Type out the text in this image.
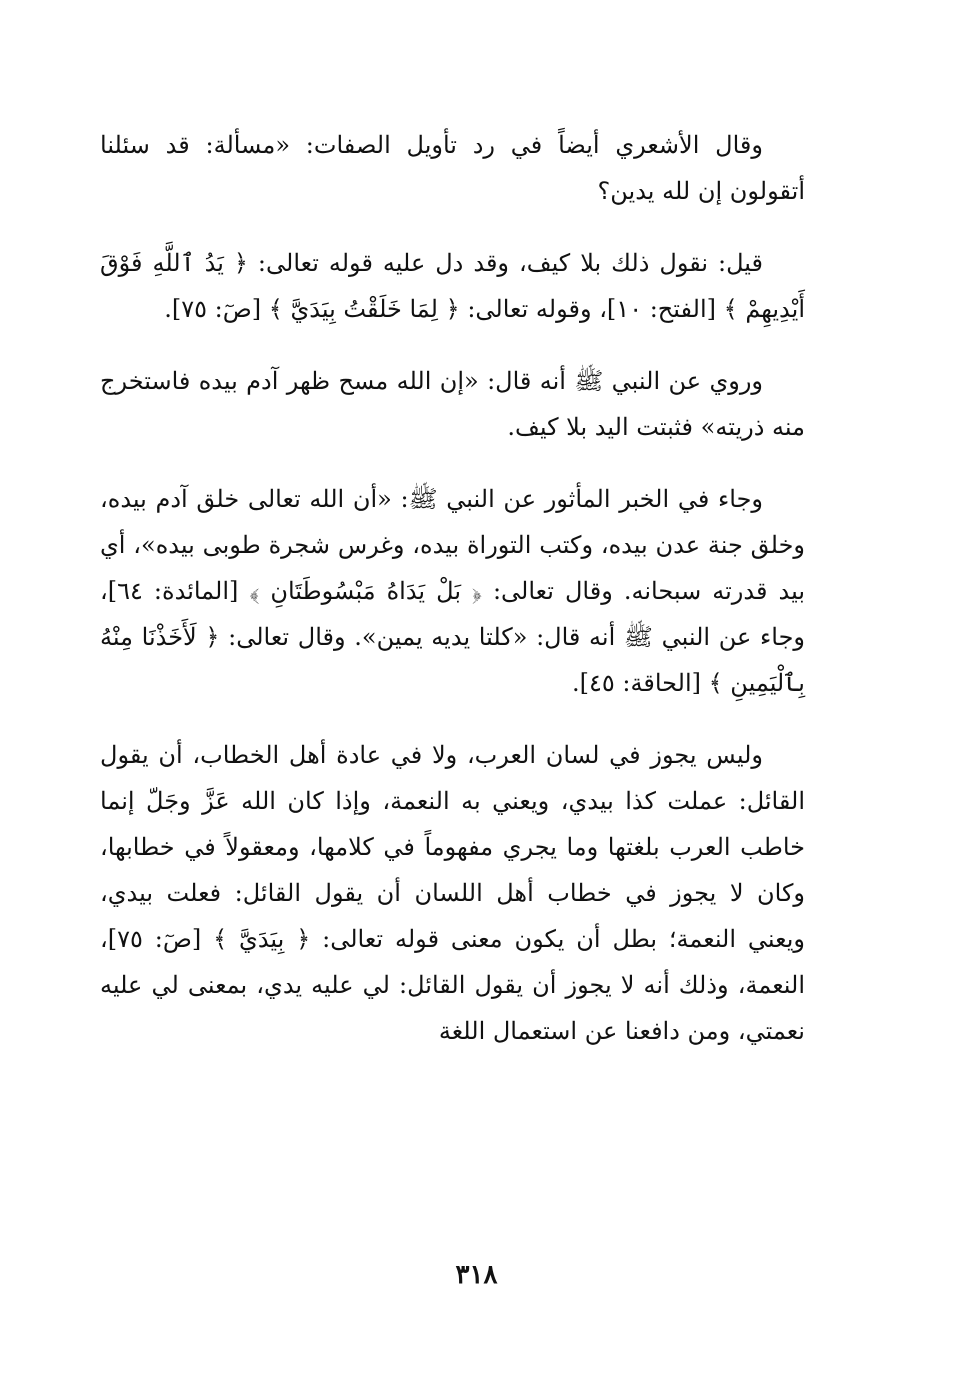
وقال الأشعري أيضاً في رد تأويل الصفات: «مسألة: قد سئلنا أتقولون إن لله يدين؟

قيل: نقول ذلك بلا كيف، وقد دل عليه قوله تعالى: ﴿ يَدُ ٱللَّهِ فَوْقَ أَيْدِيهِمْ ﴾ [الفتح: ١٠]، وقوله تعالى: ﴿ لِمَا خَلَقْتُ بِيَدَيَّ ﴾ [صٓ: ٧٥].

وروي عن النبي ﷺ أنه قال: «إن الله مسح ظهر آدم بيده فاستخرج منه ذريته» فثبتت اليد بلا كيف.

وجاء في الخبر المأثور عن النبي ﷺ: «أن الله تعالى خلق آدم بيده، وخلق جنة عدن بيده، وكتب التوراة بيده، وغرس شجرة طوبى بيده»، أي بيد قدرته سبحانه. وقال تعالى: ﴿ بَلْ يَدَاهُ مَبْسُوطَتَانِ ﴾ [المائدة: ٦٤]، وجاء عن النبي ﷺ أنه قال: «كلتا يديه يمين». وقال تعالى: ﴿ لَأَخَذْنَا مِنْهُ بِٱلْيَمِينِ ﴾ [الحاقة: ٤٥].

وليس يجوز في لسان العرب، ولا في عادة أهل الخطاب، أن يقول القائل: عملت كذا بيدي، ويعني به النعمة، وإذا كان الله عَزَّ وجَلّ إنما خاطب العرب بلغتها وما يجري مفهوماً في كلامها، ومعقولاً في خطابها، وكان لا يجوز في خطاب أهل اللسان أن يقول القائل: فعلت بيدي، ويعني النعمة؛ بطل أن يكون معنى قوله تعالى: ﴿ بِيَدَيَّ ﴾ [صٓ: ٧٥]، النعمة، وذلك أنه لا يجوز أن يقول القائل: لي عليه يدي، بمعنى لي عليه نعمتي، ومن دافعنا عن استعمال اللغة

٣١٨
